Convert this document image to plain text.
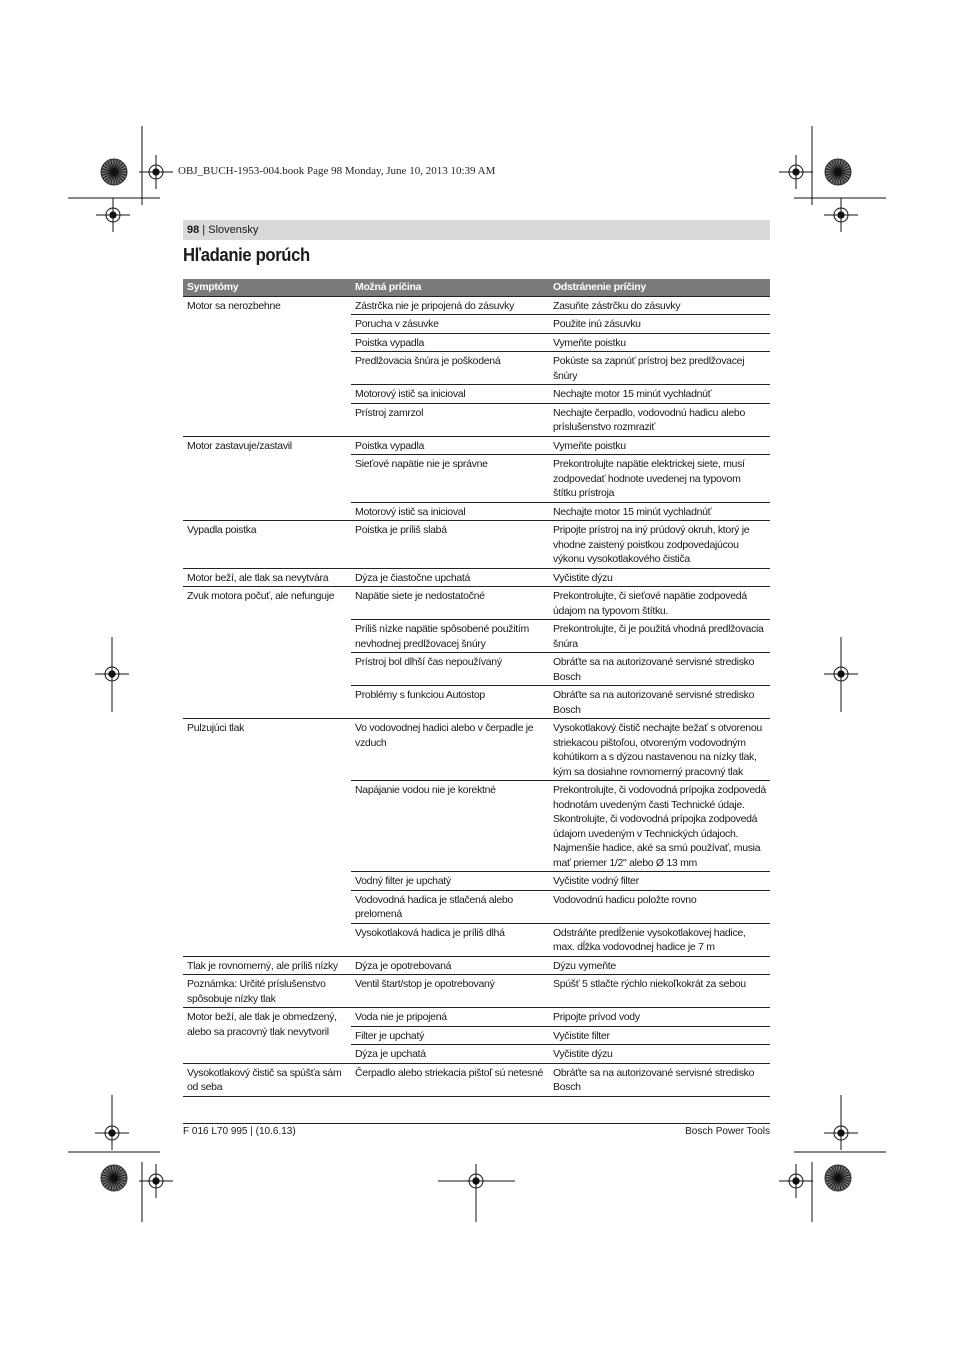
OBJ_BUCH-1953-004.book Page 98 Monday, June 10, 2013 10:39 AM
98 | Slovensky
Hľadanie porúch
Symptómy	Možná príčina	Odstránenie príčiny
Motor sa nerozbehne	Zástrčka nie je pripojená do zásuvky	Zasuňte zástrčku do zásuvky
	Porucha v zásuvke	Použite inú zásuvku
	Poistka vypadla	Vymeňte poistku
	Predlžovacia šnúra je poškodená	Pokúste sa zapnúť prístroj bez predlžovacej šnúry
	Motorový istič sa inicioval	Nechajte motor 15 minút vychladnúť
	Prístroj zamrzol	Nechajte čerpadlo, vodovodnú hadicu alebo príslušenstvo rozmraziť
Motor zastavuje/zastavil	Poistka vypadla	Vymeňte poistku
	Sieťové napätie nie je správne	Prekontrolujte napätie elektrickej siete, musí zodpovedať hodnote uvedenej na typovom štítku prístroja
	Motorový istič sa inicioval	Nechajte motor 15 minút vychladnúť
Vypadla poistka	Poistka je príliš slabá	Pripojte prístroj na iný prúdový okruh, ktorý je vhodne zaistený poistkou zodpovedajúcou výkonu vysokotlakového čističa
Motor beží, ale tlak sa nevytvára	Dýza je čiastočne upchatá	Vyčistite dýzu
Zvuk motora počuť, ale nefunguje	Napätie siete je nedostatočné	Prekontrolujte, či sieťové napätie zodpovedá údajom na typovom štítku.
	Príliš nízke napätie spôsobené použitím nevhodnej predlžovacej šnúry	Prekontrolujte, či je použitá vhodná predlžovacia šnúra
	Prístroj bol dlhší čas nepoužívaný	Obráťte sa na autorizované servisné stredisko Bosch
	Problémy s funkciou Autostop	Obráťte sa na autorizované servisné stredisko Bosch
Pulzujúci tlak	Vo vodovodnej hadici alebo v čerpadle je vzduch	Vysokotlakový čistič nechajte bežať s otvorenou striekacou pištoľou, otvoreným vodovodným kohútikom a s dýzou nastavenou na nízky tlak, kým sa dosiahne rovnomerný pracovný tlak
	Napájanie vodou nie je korektné	Prekontrolujte, či vodovodná prípojka zodpovedá hodnotám uvedeným časti Technické údaje. Skontrolujte, či vodovodná prípojka zodpovedá údajom uvedeným v Technických údajoch. Najmenšie hadice, aké sa smú používať, musia mať priemer 1/2" alebo Ø 13 mm
	Vodný filter je upchatý	Vyčistite vodný filter
	Vodovodná hadica je stlačená alebo prelomená	Vodovodnú hadicu položte rovno
	Vysokotlaková hadica je príliš dlhá	Odstráňte predĺženie vysokotlakovej hadice, max. dĺžka vodovodnej hadice je 7 m
Tlak je rovnomerný, ale príliš nízky	Dýza je opotrebovaná	Dýzu vymeňte
Poznámka: Určité príslušenstvo spôsobuje nízky tlak	Ventil štart/stop je opotrebovaný	Spúšť 5 stlačte rýchlo niekoľkokrát za sebou
Motor beží, ale tlak je obmedzený, alebo sa pracovný tlak nevytvoril	Voda nie je pripojená	Pripojte prívod vody
	Filter je upchatý	Vyčistite filter
	Dýza je upchatá	Vyčistite dýzu
Vysokotlakový čistič sa spúšťa sám od seba	Čerpadlo alebo striekacia pištoľ sú netesné	Obráťte sa na autorizované servisné stredisko Bosch
F 016 L70 995 | (10.6.13)	Bosch Power Tools
